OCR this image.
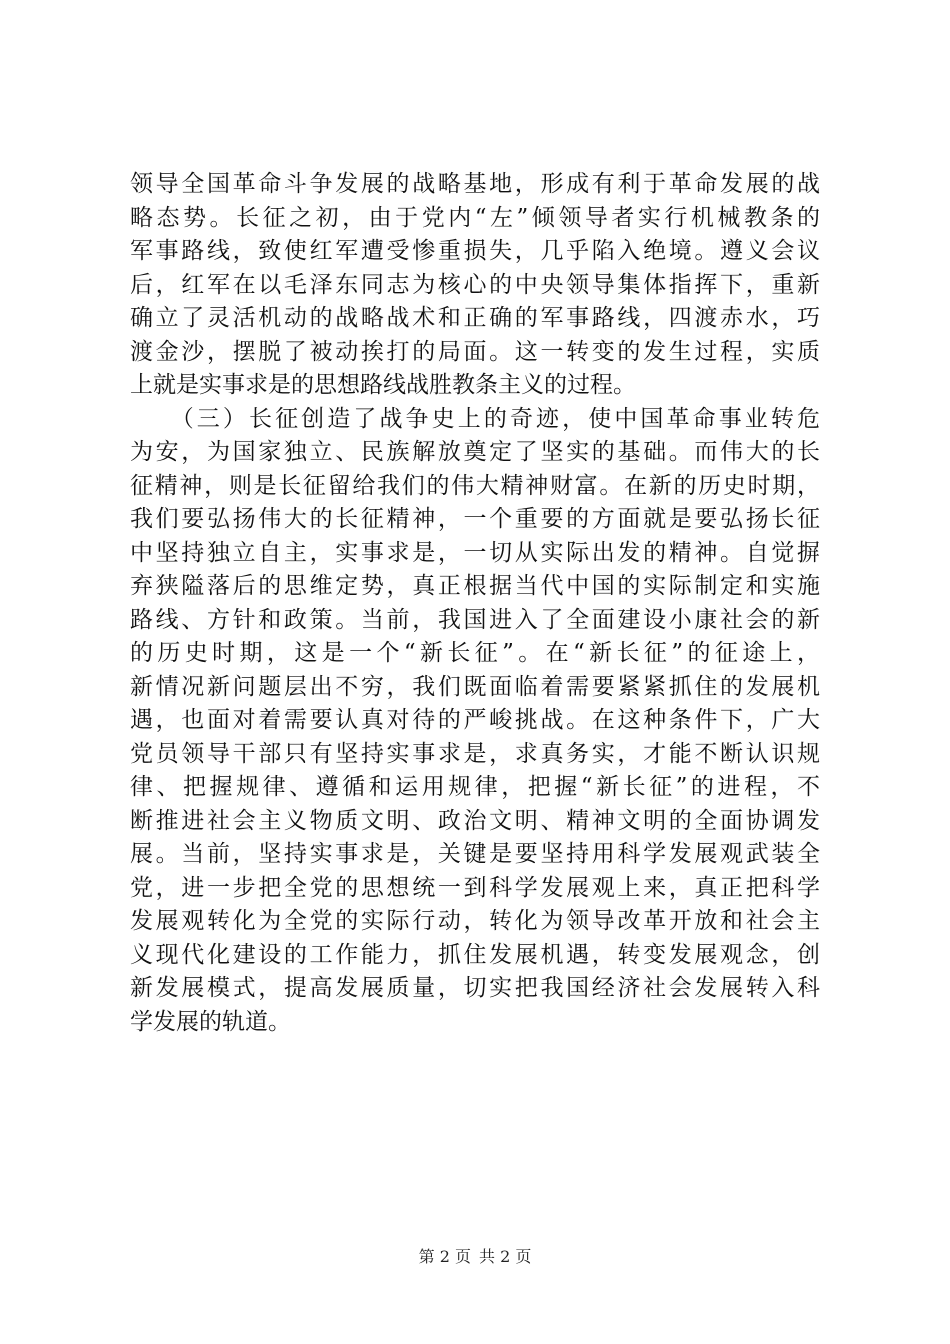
领导全国革命斗争发展的战略基地，形成有利于革命发展的战
略态势。长征之初，由于党内“左”倾领导者实行机械教条的
军事路线，致使红军遭受惨重损失，几乎陷入绝境。遵义会议
后，红军在以毛泽东同志为核心的中央领导集体指挥下，重新
确立了灵活机动的战略战术和正确的军事路线，四渡赤水，巧
渡金沙，摆脱了被动挨打的局面。这一转变的发生过程，实质
上就是实事求是的思想路线战胜教条主义的过程。
　　（三）长征创造了战争史上的奇迹，使中国革命事业转危
为安，为国家独立、民族解放奠定了坚实的基础。而伟大的长
征精神，则是长征留给我们的伟大精神财富。在新的历史时期，
我们要弘扬伟大的长征精神，一个重要的方面就是要弘扬长征
中坚持独立自主，实事求是，一切从实际出发的精神。自觉摒
弃狭隘落后的思维定势，真正根据当代中国的实际制定和实施
路线、方针和政策。当前，我国进入了全面建设小康社会的新
的历史时期，这是一个“新长征”。在“新长征”的征途上，
新情况新问题层出不穷，我们既面临着需要紧紧抓住的发展机
遇，也面对着需要认真对待的严峻挑战。在这种条件下，广大
党员领导干部只有坚持实事求是，求真务实，才能不断认识规
律、把握规律、遵循和运用规律，把握“新长征”的进程，不
断推进社会主义物质文明、政治文明、精神文明的全面协调发
展。当前，坚持实事求是，关键是要坚持用科学发展观武装全
党，进一步把全党的思想统一到科学发展观上来，真正把科学
发展观转化为全党的实际行动，转化为领导改革开放和社会主
义现代化建设的工作能力，抓住发展机遇，转变发展观念，创
新发展模式，提高发展质量，切实把我国经济社会发展转入科
学发展的轨道。
第 2 页 共 2 页
